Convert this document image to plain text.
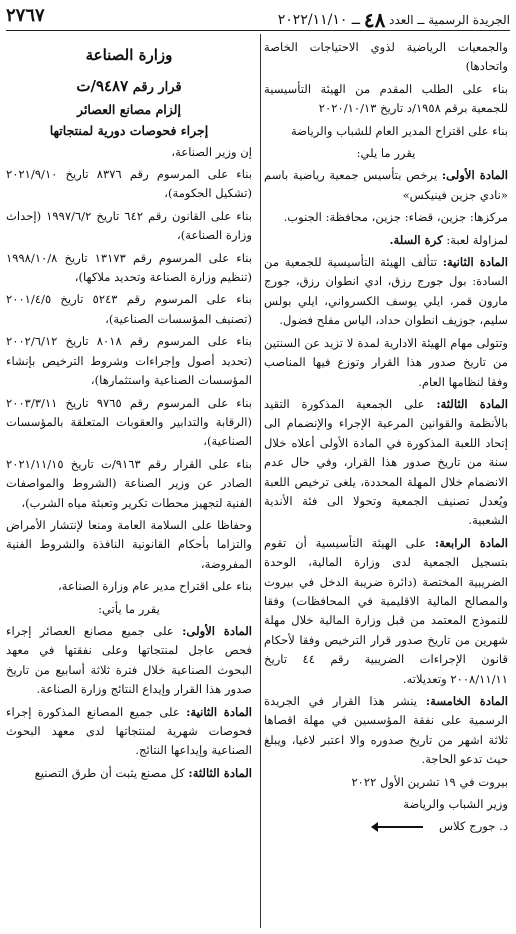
الجريدة الرسمية ــ العدد ٤٨ ــ ٢٠٢٢/١١/١٠
٢٧٦٧

والجمعيات الرياضية لذوي الاحتياجات الخاصة واتحادها)

بناء على الطلب المقدم من الهيئة التأسيسية للجمعية برقم ١٩٥٨/د تاريخ ٢٠٢٠/١٠/١٣

بناء على اقتراح المدير العام للشباب والرياضة

يقرر ما يلي:

المادة الأولى: يرخص بتأسيس جمعية رياضية باسم «نادي جزين فينيكس»

مركزها: جزين، قضاء: جزين، محافظة: الجنوب.

لمزاولة لعبة: كرة السلة.

المادة الثانية: تتألف الهيئة التأسيسية للجمعية من السادة: بول جورج رزق، ادي انطوان رزق، جورج مارون قمر، ايلي يوسف الكسرواني، ايلي بولس سليم، جوزيف انطوان حداد، الياس مفلح فضول.

وتتولى مهام الهيئة الادارية لمدة لا تزيد عن السنتين من تاريخ صدور هذا القرار وتوزع فيها المناصب وفقا لنظامها العام.

المادة الثالثة: على الجمعية المذكورة التقيد بالأنظمة والقوانين المرعية الإجراء والإنضمام الى إتحاد اللعبة المذكورة في المادة الأولى أعلاه خلال سنة من تاريخ صدور هذا القرار، وفي حال عدم الانضمام خلال المهلة المحددة، يلغى ترخيص اللعبة ويُعدل تصنيف الجمعية وتحولا الى فئة الأندية الشعبية.

المادة الرابعة: على الهيئة التأسيسية أن تقوم بتسجيل الجمعية لدى وزارة المالية، الوحدة الضريبية المختصة (دائرة ضريبة الدخل في بيروت والمصالح المالية الاقليمية في المحافظات) وفقا للنموذج المعتمد من قبل وزارة المالية خلال مهلة شهرين من تاريخ صدور قرار الترخيص وفقا لأحكام قانون الإجراءات الضريبية رقم ٤٤ تاريخ ٢٠٠٨/١١/١١ وتعديلاته.

المادة الخامسة: ينشر هذا القرار في الجريدة الرسمية على نفقة المؤسسين في مهلة اقصاها ثلاثة اشهر من تاريخ صدوره والا اعتبر لاغيا، ويبلغ حيث تدعو الحاجة.

بيروت في ١٩ تشرين الأول ٢٠٢٢

وزير الشباب والرياضة

د. جورج كلاس

وزارة الصناعة
قرار رقم ٩٤٨٧/ت
إلزام مصانع العصائر
إجراء فحوصات دورية لمنتجاتها

إن وزير الصناعة،

بناء على المرسوم رقم ٨٣٧٦ تاريخ ٢٠٢١/٩/١٠ (تشكيل الحكومة)،

بناء على القانون رقم ٦٤٢ تاريخ ١٩٩٧/٦/٢ (إحداث وزارة الصناعة)،

بناء على المرسوم رقم ١٣١٧٣ تاريخ ١٩٩٨/١٠/٨ (تنظيم وزارة الصناعة وتحديد ملاكها)،

بناء على المرسوم رقم ٥٢٤٣ تاريخ ٢٠٠١/٤/٥ (تصنيف المؤسسات الصناعية)،

بناء على المرسوم رقم ٨٠١٨ تاريخ ٢٠٠٢/٦/١٢ (تحديد أصول وإجراءات وشروط الترخيص بإنشاء المؤسسات الصناعية واستثمارها)،

بناء على المرسوم رقم ٩٧٦٥ تاريخ ٢٠٠٣/٣/١١ (الرقابة والتدابير والعقوبات المتعلقة بالمؤسسات الصناعية)،

بناء على القرار رقم ٩١٦٣/ت تاريخ ٢٠٢١/١١/١٥ الصادر عن وزير الصناعة (الشروط والمواصفات الفنية لتجهيز محطات تكرير وتعبئة مياه الشرب)،

وحفاظا على السلامة العامة ومنعا لإنتشار الأمراض والتزاما بأحكام القانونية النافذة والشروط الفنية المفروضة،

بناء على اقتراح مدير عام وزارة الصناعة،

يقرر ما يأتي:

المادة الأولى: على جميع مصانع العصائر إجراء فحص عاجل لمنتجاتها وعلى نفقتها في معهد البحوث الصناعية خلال فترة ثلاثة أسابيع من تاريخ صدور هذا القرار وإيداع النتائج وزارة الصناعة.

المادة الثانية: على جميع المصانع المذكورة إجراء فحوصات شهرية لمنتجاتها لدى معهد البحوث الصناعية وإيداعها النتائج.

المادة الثالثة: كل مصنع يثبت أن طرق التصنيع
